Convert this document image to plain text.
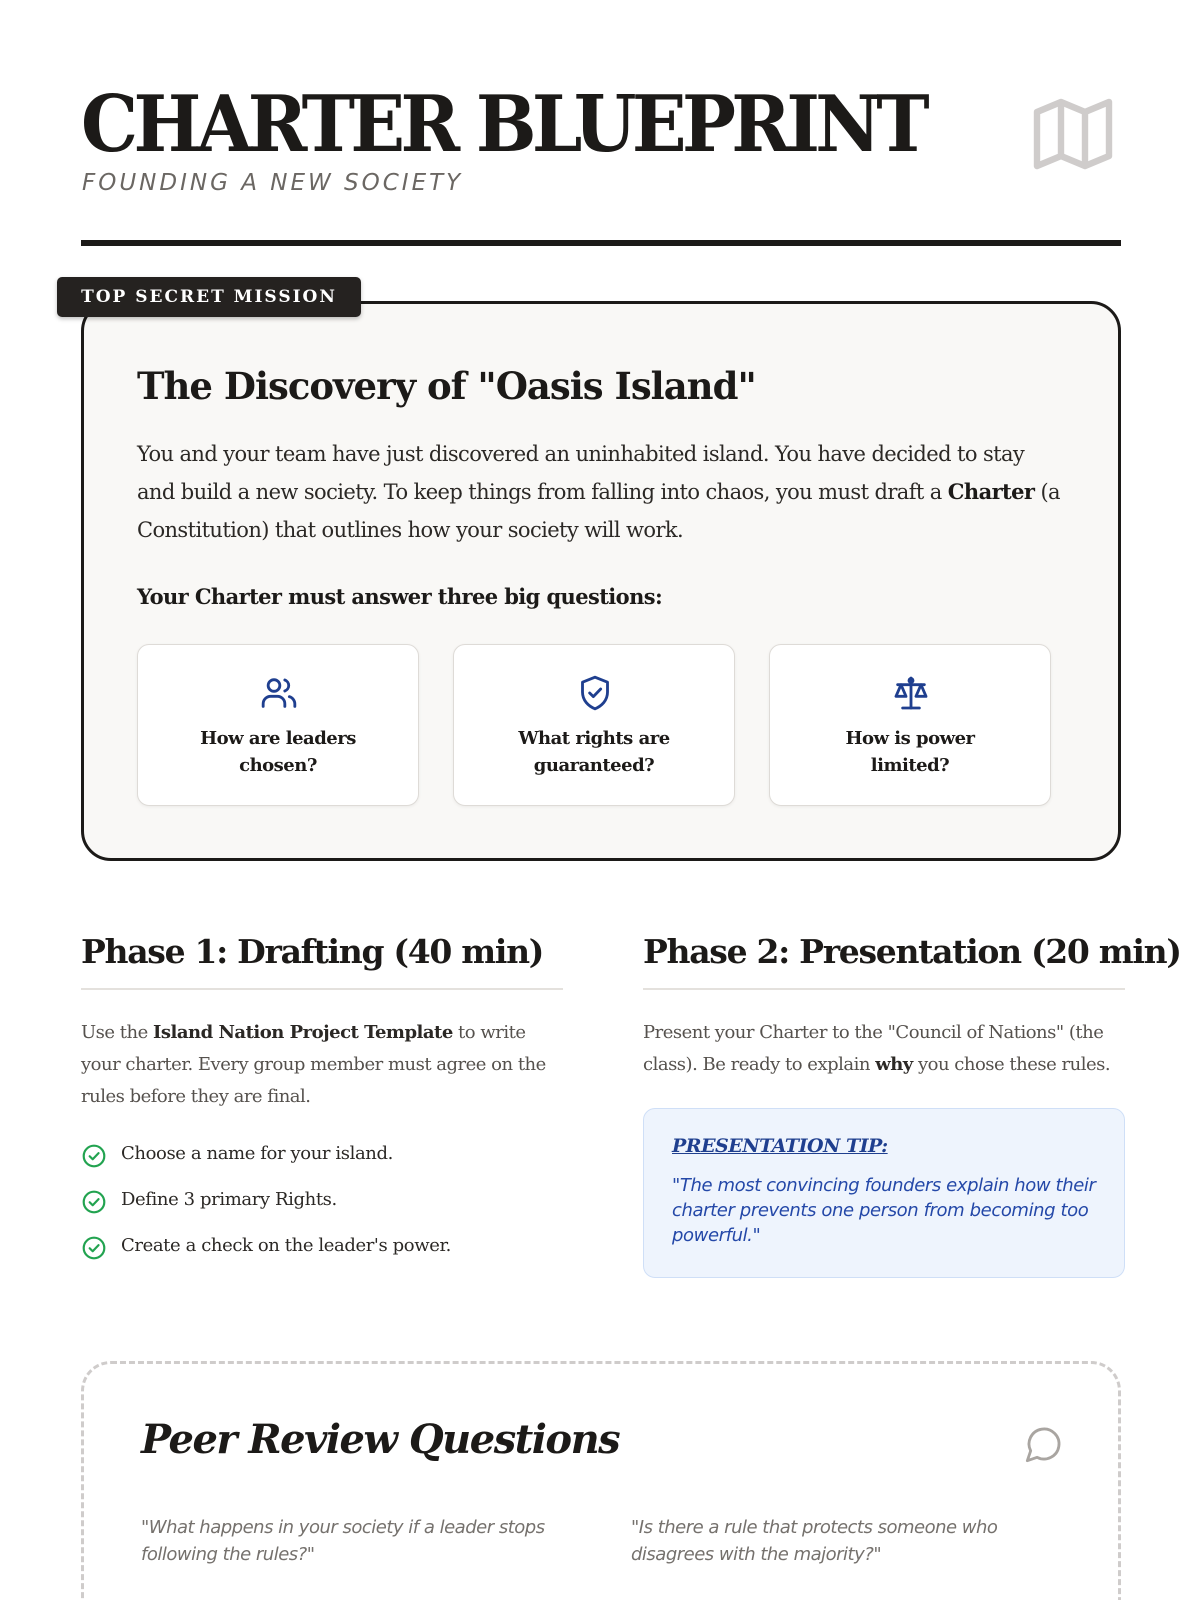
CHARTER BLUEPRINT
FOUNDING A NEW SOCIETY
The Discovery of "Oasis Island"

You and your team have just discovered an uninhabited island. You have decided to stay and build a new society. To keep things from falling into chaos, you must draft a Charter (a Constitution) that outlines how your society will work.

Your Charter must answer three big questions:
How are leaders chosen?
What rights are guaranteed?
How is power limited?
TOP SECRET MISSION
Phase 1: Drafting (40 min)

Use the Island Nation Project Template to write your charter. Every group member must agree on the rules before they are final.

Choose a name for your island.
Define 3 primary Rights.
Create a check on the leader's power.
Phase 2: Presentation (20 min)

Present your Charter to the "Council of Nations" (the class). Be ready to explain why you chose these rules.

PRESENTATION TIP:
"The most convincing founders explain how their charter prevents one person from becoming too powerful."
Peer Review Questions

"What happens in your society if a leader stops following the rules?"

"Is there a rule that protects someone who disagrees with the majority?"
